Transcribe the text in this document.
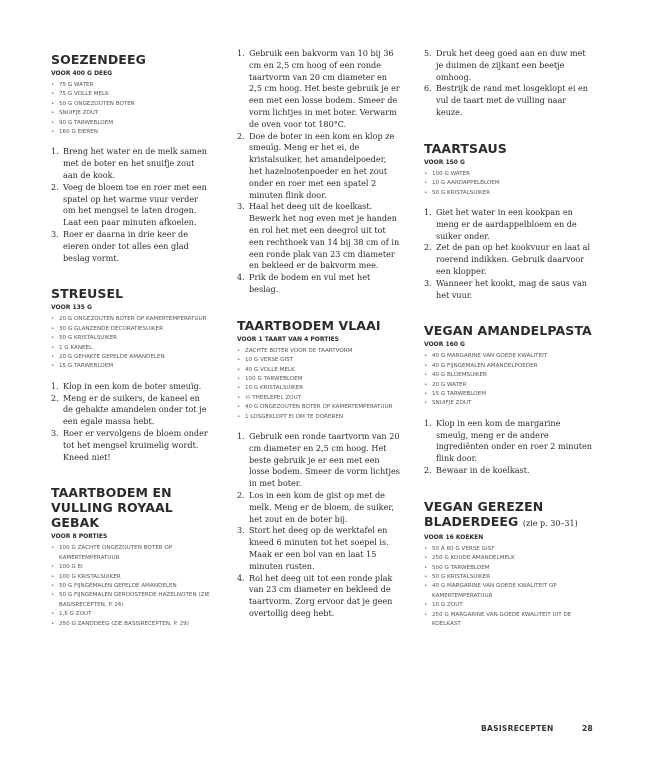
SOEZENDEEG
VOOR 400 G DEEG
• 75 G WATER
• 75 G VOLLE MELK
• 50 G ONGEZOUTEN BOTER
• SNUIFJE ZOUT
• 90 G TARWEBLOEM
• 160 G EIEREN
1. Breng het water en de melk samen met de boter en het snuifje zout aan de kook.
2. Voeg de bloem toe en roer met een spatel op het warme vuur verder om het mengsel te laten drogen. Laat een paar minuten afkoelen.
3. Roer er daarna in drie keer de eieren onder tot alles een glad beslag vormt.
STREUSEL
VOOR 135 G
• 20 G ONGEZOUTEN BOTER OP KAMERTEMPERATUUR
• 30 G GLANZENDE DECORATIESUIKER
• 50 G KRISTALSUIKER
• 1 G KANEEL
• 20 G GEHAKTE GEPELDE AMANDELEN
• 15 G TARWEBLOEM
1. Klop in een kom de boter smeuïg.
2. Meng er de suikers, de kaneel en de gehakte amandelen onder tot je een egale massa hebt.
3. Roer er vervolgens de bloem onder tot het mengsel kruimelig wordt. Kneed niet!
TAARTBODEM EN VULLING ROYAAL GEBAK
VOOR 8 PORTIES
• 100 G ZACHTE ONGEZOUTEN BOTER OP KAMERTEMPERATUUR
• 100 G EI
• 100 G KRISTALSUIKER
• 50 G FIJNGEMALEN GEPELDE AMANDELEN
• 50 G FIJNGEMALEN GEROOSTERDE HAZELNOTEN (ZIE BASISRECEPTEN, P. 26)
• 1,5 G ZOUT
• 250 G ZANDDEEG (ZIE BASISRECEPTEN, P. 29)
1. Gebruik een bakvorm van 10 bij 36 cm en 2,5 cm hoog of een ronde taartvorm van 20 cm diameter en 2,5 cm hoog. Het beste gebruik je er een met een losse bodem. Smeer de vorm lichtjes in met boter. Verwarm de oven voor tot 180°C.
2. Doe de boter in een kom en klop ze smeuïg. Meng er het ei, de kristalsuiker, het amandelpoeder, het hazelnotenpoeder en het zout onder en roer met een spatel 2 minuten flink door.
3. Haal het deeg uit de koelkast. Bewerk het nog even met je handen en rol het met een deegrol uit tot een rechthoek van 14 bij 38 cm of in een ronde plak van 23 cm diameter en bekleed er de bakvorm mee.
4. Prik de bodem en vul met het beslag.
TAARTBODEM VLAAI
VOOR 1 TAART VAN 4 PORTIES
• ZACHTE BOTER VOOR DE TAARTVORM
• 10 G VERSE GIST
• 40 G VOLLE MELK
• 100 G TARWEBLOEM
• 10 G KRISTALSUIKER
• ½ THEELEPEL ZOUT
• 40 G ONGEZOUTEN BOTER OP KAMERTEMPERATUUR
• 1 LOSGEKLOPT EI OM TE DOREREN
1. Gebruik een ronde taartvorm van 20 cm diameter en 2,5 cm hoog. Het beste gebruik je er een met een losse bodem. Smeer de vorm lichtjes in met boter.
2. Los in een kom de gist op met de melk. Meng er de bloem, de suiker, het zout en de boter bij.
3. Stort het deeg op de werktafel en kneed 6 minuten tot het soepel is. Maak er een bol van en laat 15 minuten rusten.
4. Rol het deeg uit tot een ronde plak van 23 cm diameter en bekleed de taartvorm. Zorg ervoor dat je geen overtollig deeg hebt.
5. Druk het deeg goed aan en duw met je duimen de zijkant een beetje omhoog.
6. Bestrijk de rand met losgeklopt ei en vul de taart met de vulling naar keuze.
TAARTSAUS
VOOR 150 G
• 100 G WATER
• 10 G AARDAPPELBLOEM
• 50 G KRISTALSUIKER
1. Giet het water in een kookpan en meng er de aardappelbloem en de suiker onder.
2. Zet de pan op het kookvuur en laat al roerend indikken. Gebruik daarvoor een klopper.
3. Wanneer het kookt, mag de saus van het vuur.
VEGAN AMANDELPASTA
VOOR 160 G
• 40 G MARGARINE VAN GOEDE KWALITEIT
• 40 G FIJNGEMALEN AMANDELPOEDER
• 40 G BLOEMSUIKER
• 20 G WATER
• 15 G TARWEBLOEM
• SNUIFJE ZOUT
1. Klop in een kom de margarine smeuïg, meng er de andere ingrediënten onder en roer 2 minuten flink door.
2. Bewaar in de koelkast.
VEGAN GEREZEN BLADERDEEG (zie p. 30–31)
VOOR 16 KOEKEN
• 50 À 60 G VERSE GIST
• 250 G KOUDE AMANDELMELK
• 500 G TARWEBLOEM
• 50 G KRISTALSUIKER
• 40 G MARGARINE VAN GOEDE KWALITEIT OP KAMERTEMPERATUUR
• 10 G ZOUT
• 250 G MARGARINE VAN GOEDE KWALITEIT UIT DE KOELKAST
BASISRECEPTEN	28
